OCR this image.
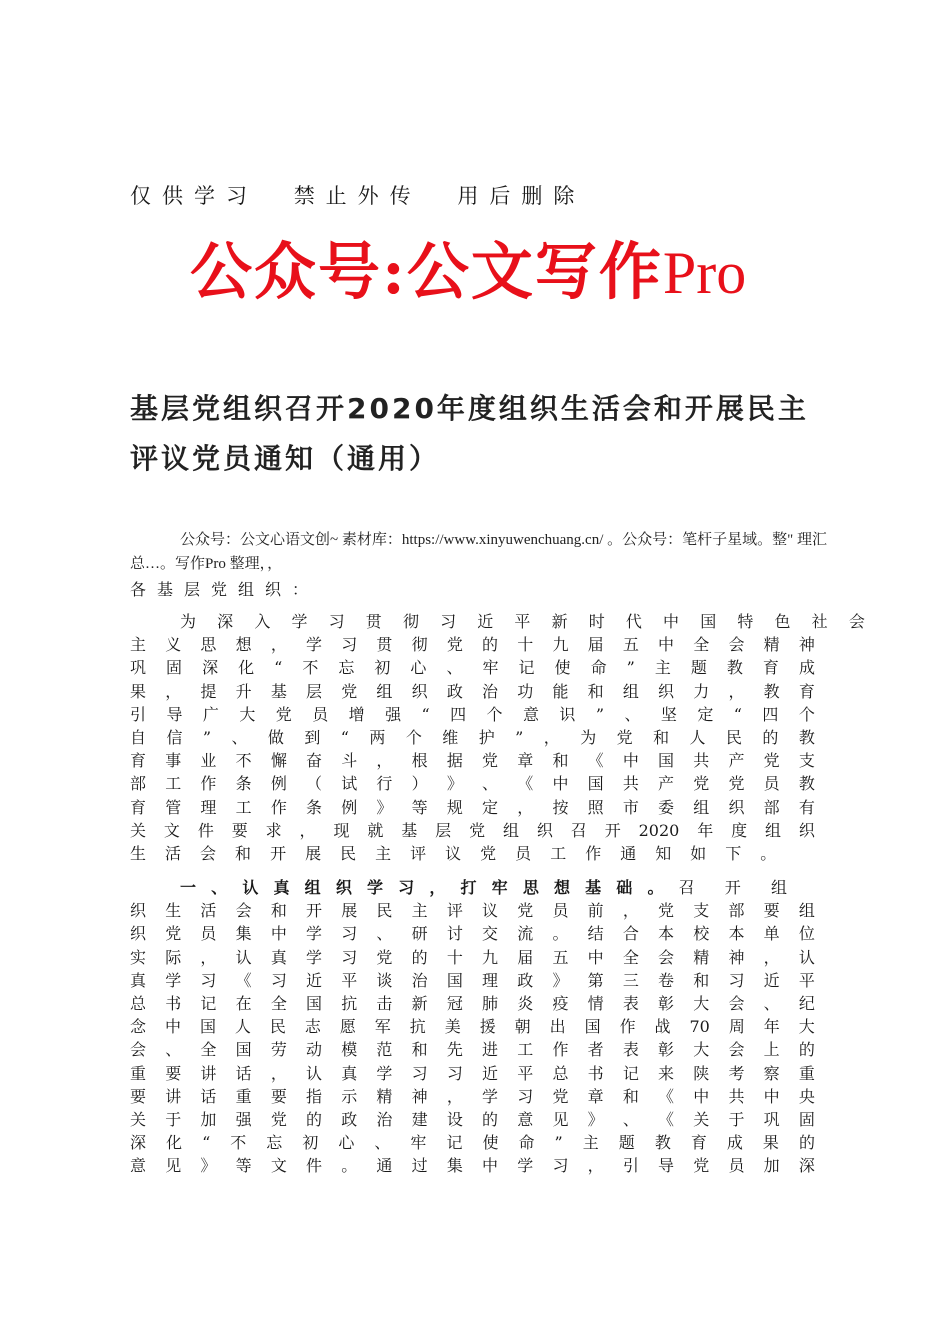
仅供学习 禁止外传 用后删除
公众号:公文写作Pro
基层党组织召开2020年度组织生活会和开展民主评议党员通知（通用）
公众号：公文心语文创~ 素材库：https://www.xinyuwenchuang.cn/ 。公众号：笔杆子星域。整" 理汇总…。写作Pro 整理，，
各基层党组织：
为 深 入 学 习 贯 彻 习 近 平 新 时 代 中 国 特 色 社 会
主 义 思 想 ， 学 习 贯 彻 党 的 十 九 届 五 中 全 会 精 神
巩 固 深 化 “ 不 忘 初 心 、 牢 记 使 命 ” 主 题 教 育 成
果 ， 提 升 基 层 党 组 织 政 治 功 能 和 组 织 力 ， 教 育
引 导 广 大 党 员 增 强 “ 四 个 意 识 ” 、 坚 定 “ 四 个
自 信 ” 、 做 到 “ 两 个 维 护 ” ， 为 党 和 人 民 的 教
育 事 业 不 懈 奋 斗 ， 根 据 党 章 和 《 中 国 共 产 党 支
部 工 作 条 例 （ 试 行 ） 》 、 《 中 国 共 产 党 党 员 教
育 管 理 工 作 条 例 》 等 规 定 ， 按 照 市 委 组 织 部 有
关 文 件 要 求 ， 现 就 基 层 党 组 织 召 开 2020 年 度 组 织
生 活 会 和 开 展 民 主 评 议 党 员 工 作 通 知 如 下 。
一、认真组织学习，打牢思想基础。召开组
织 生 活 会 和 开 展 民 主 评 议 党 员 前 ， 党 支 部 要 组
织 党 员 集 中 学 习 、 研 讨 交 流 。 结 合 本 校 本 单 位
实 际 ， 认 真 学 习 党 的 十 九 届 五 中 全 会 精 神 ， 认
真 学 习 《 习 近 平 谈 治 国 理 政 》 第 三 卷 和 习 近 平
总 书 记 在 全 国 抗 击 新 冠 肺 炎 疫 情 表 彰 大 会 、 纪
念 中 国 人 民 志 愿 军 抗 美 援 朝 出 国 作 战 70 周 年 大
会 、 全 国 劳 动 模 范 和 先 进 工 作 者 表 彰 大 会 上 的
重 要 讲 话 ， 认 真 学 习 习 近 平 总 书 记 来 陕 考 察 重
要 讲 话 重 要 指 示 精 神 ， 学 习 党 章 和 《 中 共 中 央
关 于 加 强 党 的 政 治 建 设 的 意 见 》 、 《 关 于 巩 固
深 化 “ 不 忘 初 心 、 牢 记 使 命 ” 主 题 教 育 成 果 的
意 见 》 等 文 件 。 通 过 集 中 学 习 ， 引 导 党 员 加 深
